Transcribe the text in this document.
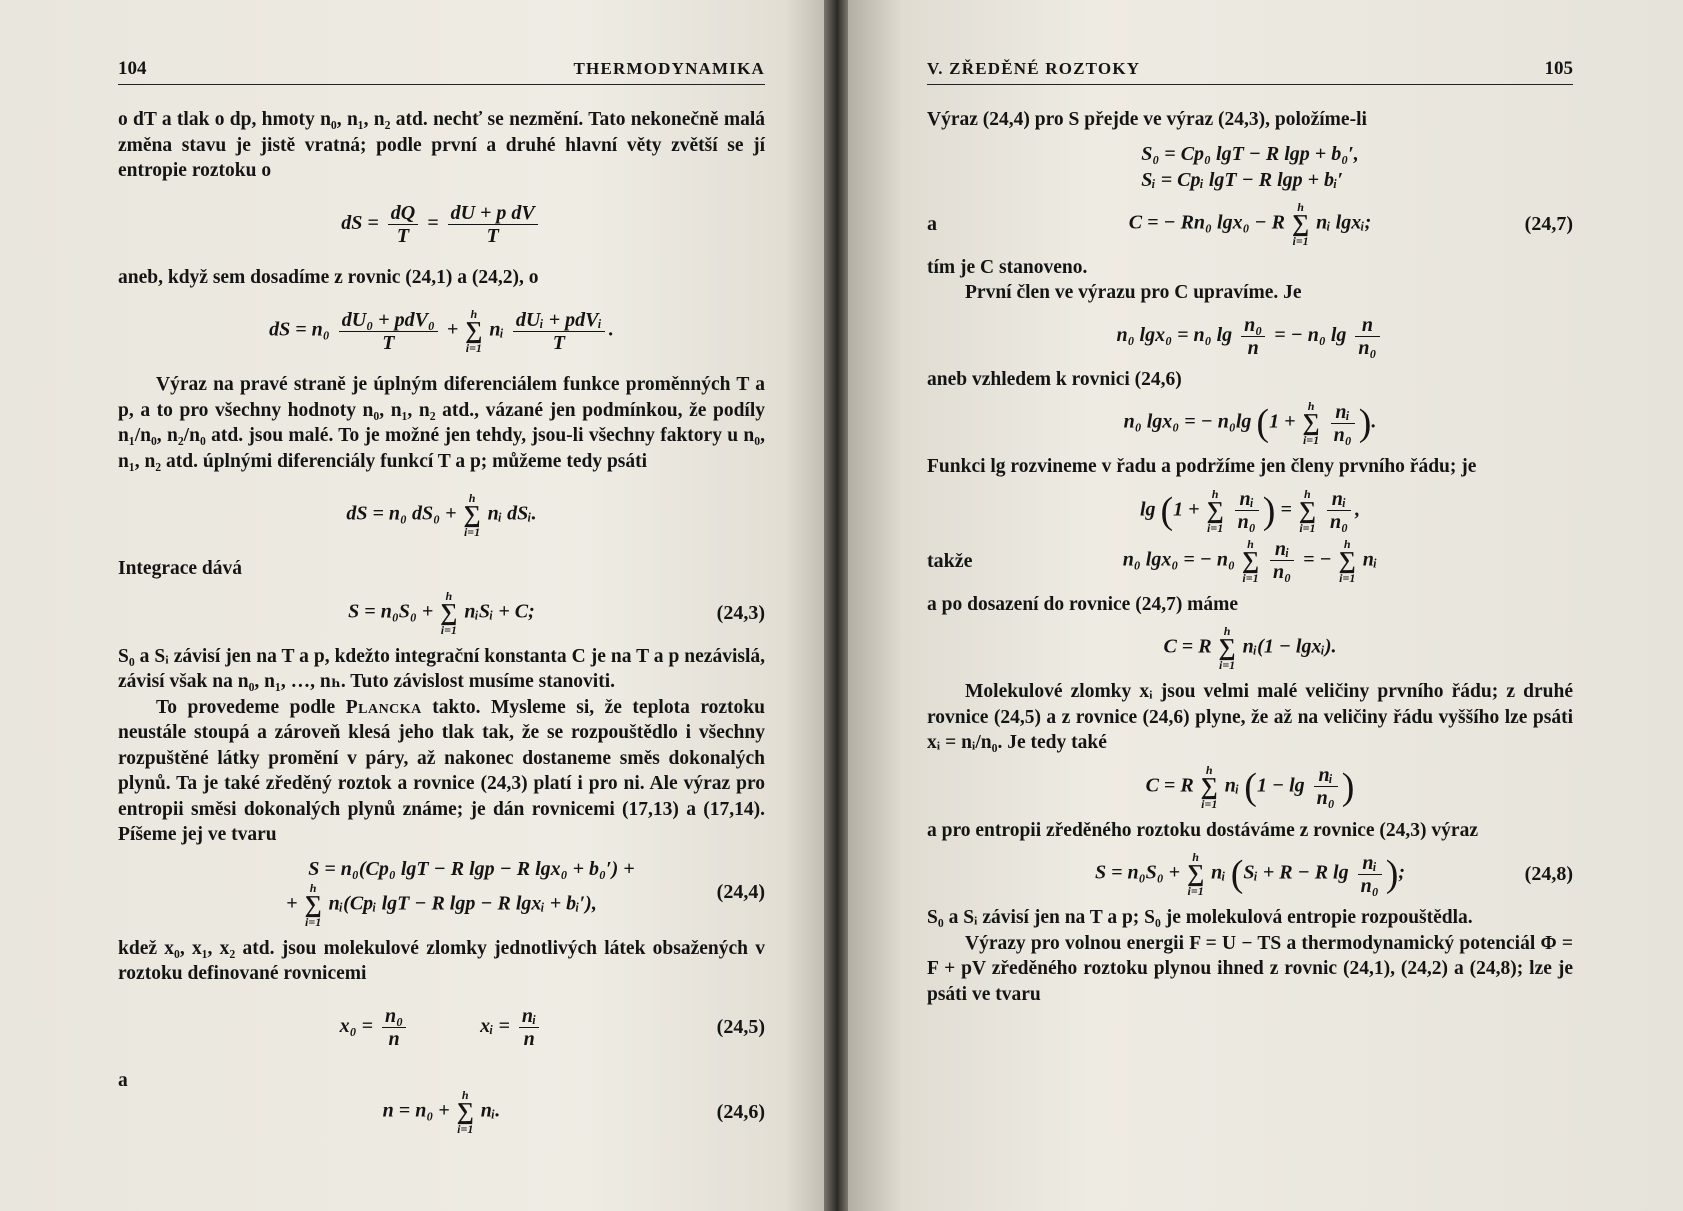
104	THERMODYNAMIKA

o dT a tlak o dp, hmoty n₀, n₁, n₂ atd. nechť se nezmění. Tato nekonečně malá změna stavu je jistě vratná; podle první a druhé hlavní věty zvětší se jí entropie roztoku o

dS = $\frac{dQ}{T} = \frac{\text{dU + p dV}}{T}$

aneb, když sem dosadíme z rovnic (24,1) a (24,2), o

dS = $n_0 \frac{\text{dU₀ + pdV₀}}{T}$ +
h
∑
i=1
nᵢ $\frac{\text{dUᵢ + pdVᵢ}}{T}$ .

Výraz na pravé straně je úplným diferenciálem funkce proměnných T a p, a to pro všechny hodnoty n₀, n₁, n₂ atd., vázané jen podmínkou, že podíly n₁/n₀, n₂/n₀ atd. jsou malé. To je možné jen tehdy, jsou-li všechny faktory u n₀, n₁, n₂ atd. úplnými diferenciály funkcí T a p; můžeme tedy psáti

dS = n₀ dS₀ +
h
∑
i=1
nᵢ dSᵢ.

Integrace dává

S = n₀S₀ +
h
∑
i=1
nᵢSᵢ + C;	(24,3)

S₀ a Sᵢ závisí jen na T a p, kdežto integrační konstanta C je na T a p nezávislá, závisí však na n₀, n₁, …, nₕ. Tuto závislost musíme stanoviti.

To provedeme podle Plancka takto. Mysleme si, že teplota roztoku neustále stoupá a zároveň klesá jeho tlak tak, že se rozpouštědlo i všechny rozpuštěné látky promění v páry, až nakonec dostaneme směs dokonalých plynů. Ta je také zředěný roztok a rovnice (24,3) platí i pro ni. Ale výraz pro entropii směsi dokonalých plynů známe; je dán rovnicemi (17,13) a (17,14). Píšeme jej ve tvaru

S = n₀(Cp₀ lgT − R lgp − R lgx₀ + b₀′) +
+
h
∑
i=1
nᵢ(Cpᵢ lgT − R lgp − R lgxᵢ + bᵢ′),
(24,4)

kdež x₀, x₁, x₂ atd. jsou molekulové zlomky jednotlivých látek obsažených v roztoku definované rovnicemi

$x_0 = \frac{\text{n₀}}{n}$	xᵢ = $\frac{\text{nᵢ}}{n}$	(24,5)

a

n = n₀ +
h
∑
i=1
nᵢ.	(24,6)
V. ZŘEDĚNÉ ROZTOKY	105

Výraz (24,4) pro S přejde ve výraz (24,3), položíme-li

S₀ = Cp₀ lgT − R lgp + b₀′,
Sᵢ = Cpᵢ lgT − R lgp + bᵢ′
a	C = − Rn₀ lgx₀ − R
h
∑
i=1
nᵢ lgxᵢ;	(24,7)

tím je C stanoveno.

První člen ve výrazu pro C upravíme. Je

n₀ lgx₀ = n₀ $\lg \frac{\text{n₀}}{n}$ = − n₀ $\lg \frac{n}{\text{n₀}}$

aneb vzhledem k rovnici (24,6)

n₀ lgx₀ = − n₀lg (1 +
h
∑
i=1
$\frac{\text{nᵢ}}{\text{n₀}}$ ).

Funkci lg rozvineme v řadu a podržíme jen členy prvního řádu; je

lg (1 +
h
∑
i=1
$\frac{\text{nᵢ}}{\text{n₀}}$ ) =
h
∑
i=1
$\frac{\text{nᵢ}}{\text{n₀}}$ ,
takže	n₀ lgx₀ = − n₀
h
∑
i=1
$\frac{\text{nᵢ}}{\text{n₀}}$ = −
h
∑
i=1
nᵢ

a po dosazení do rovnice (24,7) máme

C = R
h
∑
i=1
nᵢ(1 − lgxᵢ).

Molekulové zlomky xᵢ jsou velmi malé veličiny prvního řádu; z druhé rovnice (24,5) a z rovnice (24,6) plyne, že až na veličiny řádu vyššího lze psáti xᵢ = nᵢ/n₀. Je tedy také

C = R
h
∑
i=1
nᵢ ($1 - \lg \frac{\text{nᵢ}}{\text{n₀}}$ )

a pro entropii zředěného roztoku dostáváme z rovnice (24,3) výraz

S = n₀S₀ +
h
∑
i=1
nᵢ (Sᵢ + R − R $\lg \frac{\text{nᵢ}}{\text{n₀}}$ );	(24,8)

S₀ a Sᵢ závisí jen na T a p; S₀ je molekulová entropie rozpouštědla.

Výrazy pro volnou energii F = U − TS a thermodynamický potenciál Φ = F + pV zředěného roztoku plynou ihned z rovnic (24,1), (24,2) a (24,8); lze je psáti ve tvaru
